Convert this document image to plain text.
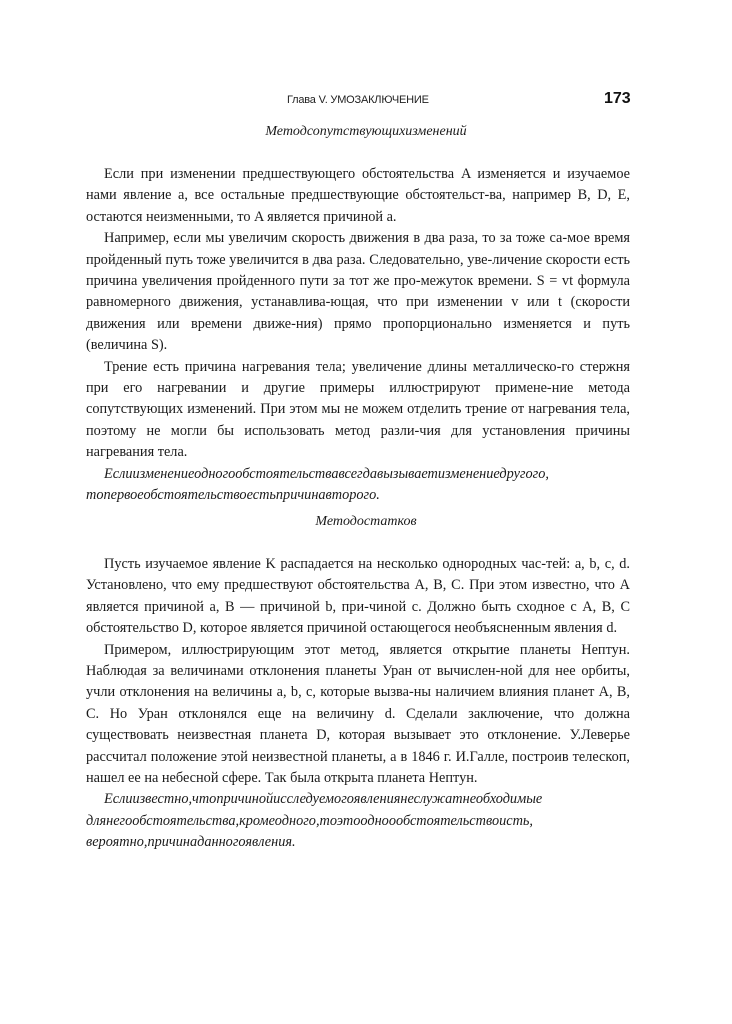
Глава V. УМОЗАКЛЮЧЕНИЕ	173
Методсопутствующихизменений

Если при изменении предшествующего обстоятельства A изменяется и изучаемое нами явление a, все остальные предшествующие обстоятельст-ва, например B, D, E, остаются неизменными, то A является причиной a.

Например, если мы увеличим скорость движения в два раза, то за тоже са-мое время пройденный путь тоже увеличится в два раза. Следовательно, уве-личение скорости есть причина увеличения пройденного пути за тот же про-межуток времени. S = vt формула равномерного движения, устанавлива-ющая, что при изменении v или t (скорости движения или времени движе-ния) прямо пропорционально изменяется и путь (величина S).

Трение есть причина нагревания тела; увеличение длины металлическо-го стержня при его нагревании и другие примеры иллюстрируют примене-ние метода сопутствующих изменений. При этом мы не можем отделить трение от нагревания тела, поэтому не могли бы использовать метод разли-чия для установления причины нагревания тела.

Еслиизменениеодногообстоятельствавсегдавызываетизменениедругого, топервоеобстоятельствоестьпричинавторого.

Методостатков

Пусть изучаемое явление K распадается на несколько однородных час-тей: a, b, c, d. Установлено, что ему предшествуют обстоятельства A, B, C. При этом известно, что A является причиной a, B — причиной b, при-чиной c. Должно быть сходное с A, B, C обстоятельство D, которое является причиной остающегося необъясненным явления d.

Примером, иллюстрирующим этот метод, является открытие планеты Нептун. Наблюдая за величинами отклонения планеты Уран от вычислен-ной для нее орбиты, учли отклонения на величины a, b, c, которые вызва-ны наличием влияния планет A, B, C. Но Уран отклонялся еще на величину d. Сделали заключение, что должна существовать неизвестная планета D, которая вызывает это отклонение. У.Леверье рассчитал положение этой неизвестной планеты, а в 1846 г. И.Галле, построив телескоп, нашел ее на небесной сфере. Так была открыта планета Нептун.

Еслиизвестно,чтопричинойисследуемогоявлениянеслужатнеобходимые длянегообстоятельства,кромеодного,тоэтоодноообстоятельствоисть, вероятно,причинаданногоявления.
